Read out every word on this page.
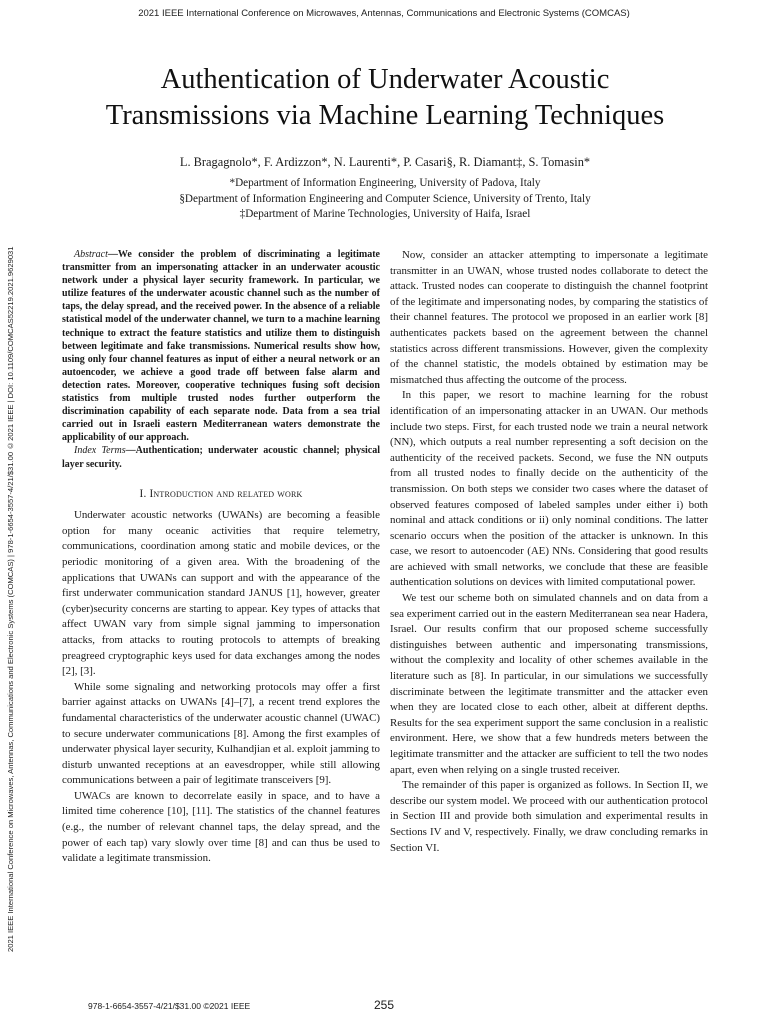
2021 IEEE International Conference on Microwaves, Antennas, Communications and Electronic Systems (COMCAS)
2021 IEEE International Conference on Microwaves, Antennas, Communications and Electronic Systems (COMCAS) | 978-1-6654-3557-4/21/$31.00 ©2021 IEEE | DOI: 10.1109/COMCAS52219.2021.9629031
Authentication of Underwater Acoustic
Transmissions via Machine Learning Techniques
L. Bragagnolo*, F. Ardizzon*, N. Laurenti*, P. Casari§, R. Diamant‡, S. Tomasin*
*Department of Information Engineering, University of Padova, Italy
§Department of Information Engineering and Computer Science, University of Trento, Italy
‡Department of Marine Technologies, University of Haifa, Israel

Abstract—We consider the problem of discriminating a legitimate transmitter from an impersonating attacker in an underwater acoustic network under a physical layer security framework. In particular, we utilize features of the underwater acoustic channel such as the number of taps, the delay spread, and the received power. In the absence of a reliable statistical model of the underwater channel, we turn to a machine learning technique to extract the feature statistics and utilize them to distinguish between legitimate and fake transmissions. Numerical results show how, using only four channel features as input of either a neural network or an autoencoder, we achieve a good trade off between false alarm and detection rates. Moreover, cooperative techniques fusing soft decision statistics from multiple trusted nodes further outperform the discrimination capability of each separate node. Data from a sea trial carried out in Israeli eastern Mediterranean waters demonstrate the applicability of our approach.

Index Terms—Authentication; underwater acoustic channel; physical layer security.

I. Introduction and related work

Underwater acoustic networks (UWANs) are becoming a feasible option for many oceanic activities that require telemetry, communications, coordination among static and mobile devices, or the periodic monitoring of a given area. With the broadening of the applications that UWANs can support and with the appearance of the first underwater communication standard JANUS [1], however, greater (cyber)security concerns are starting to appear. Key types of attacks that affect UWAN vary from simple signal jamming to impersonation attacks, from attacks to routing protocols to attempts of breaking preagreed cryptographic keys used for data exchanges among the nodes [2], [3].

While some signaling and networking protocols may offer a first barrier against attacks on UWANs [4]–[7], a recent trend explores the fundamental characteristics of the underwater acoustic channel (UWAC) to secure underwater communications [8]. Among the first examples of underwater physical layer security, Kulhandjian et al. exploit jamming to disturb unwanted receptions at an eavesdropper, while still allowing communications between a pair of legitimate transceivers [9].

UWACs are known to decorrelate easily in space, and to have a limited time coherence [10], [11]. The statistics of the channel features (e.g., the number of relevant channel taps, the delay spread, and the power of each tap) vary slowly over time [8] and can thus be used to validate a legitimate transmission.

Now, consider an attacker attempting to impersonate a legitimate transmitter in an UWAN, whose trusted nodes collaborate to detect the attack. Trusted nodes can cooperate to distinguish the channel footprint of the legitimate and impersonating nodes, by comparing the statistics of their channel features. The protocol we proposed in an earlier work [8] authenticates packets based on the agreement between the channel statistics across different transmissions. However, given the complexity of the channel statistic, the models obtained by estimation may be mismatched thus affecting the outcome of the process.

In this paper, we resort to machine learning for the robust identification of an impersonating attacker in an UWAN. Our methods include two steps. First, for each trusted node we train a neural network (NN), which outputs a real number representing a soft decision on the authenticity of the received packets. Second, we fuse the NN outputs from all trusted nodes to finally decide on the authenticity of the transmission. On both steps we consider two cases where the dataset of observed features composed of labeled samples under either i) both nominal and attack conditions or ii) only nominal conditions. The latter scenario occurs when the position of the attacker is unknown. In this case, we resort to autoencoder (AE) NNs. Considering that good results are achieved with small networks, we conclude that these are feasible authentication solutions on devices with limited computational power.

We test our scheme both on simulated channels and on data from a sea experiment carried out in the eastern Mediterranean sea near Hadera, Israel. Our results confirm that our proposed scheme successfully distinguishes between authentic and impersonating transmissions, without the complexity and locality of other schemes available in the literature such as [8]. In particular, in our simulations we successfully discriminate between the legitimate transmitter and the attacker even when they are located close to each other, albeit at different depths. Results for the sea experiment support the same conclusion in a realistic environment. Here, we show that a few hundreds meters between the legitimate transmitter and the attacker are sufficient to tell the two nodes apart, even when relying on a single trusted receiver.

The remainder of this paper is organized as follows. In Section II, we describe our system model. We proceed with our authentication protocol in Section III and provide both simulation and experimental results in Sections IV and V, respectively. Finally, we draw concluding remarks in Section VI.

978-1-6654-3557-4/21/$31.00 ©2021 IEEE	255
